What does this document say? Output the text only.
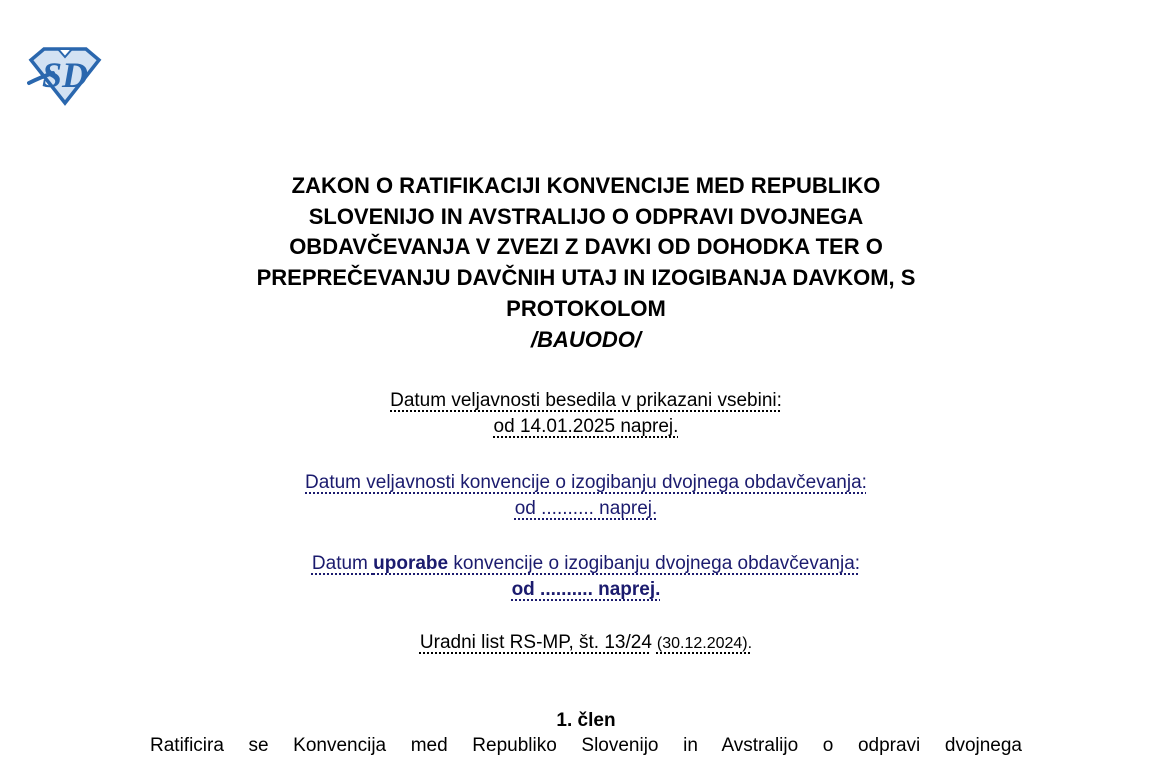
SD
ZAKON O RATIFIKACIJI KONVENCIJE MED REPUBLIKO
SLOVENIJO IN AVSTRALIJO O ODPRAVI DVOJNEGA
OBDAVČEVANJA V ZVEZI Z DAVKI OD DOHODKA TER O
PREPREČEVANJU DAVČNIH UTAJ IN IZOGIBANJA DAVKOM, S
PROTOKOLOM
/BAUODO/
Datum veljavnosti besedila v prikazani vsebini:
od 14.01.2025 naprej.
Datum veljavnosti konvencije o izogibanju dvojnega obdavčevanja:
od .......... naprej.
Datum uporabe konvencije o izogibanju dvojnega obdavčevanja:
od .......... naprej.
Uradni list RS-MP, št. 13/24 (30.12.2024).
1. člen
Ratificira se Konvencija med Republiko Slovenijo in Avstralijo o odpravi dvojnega
